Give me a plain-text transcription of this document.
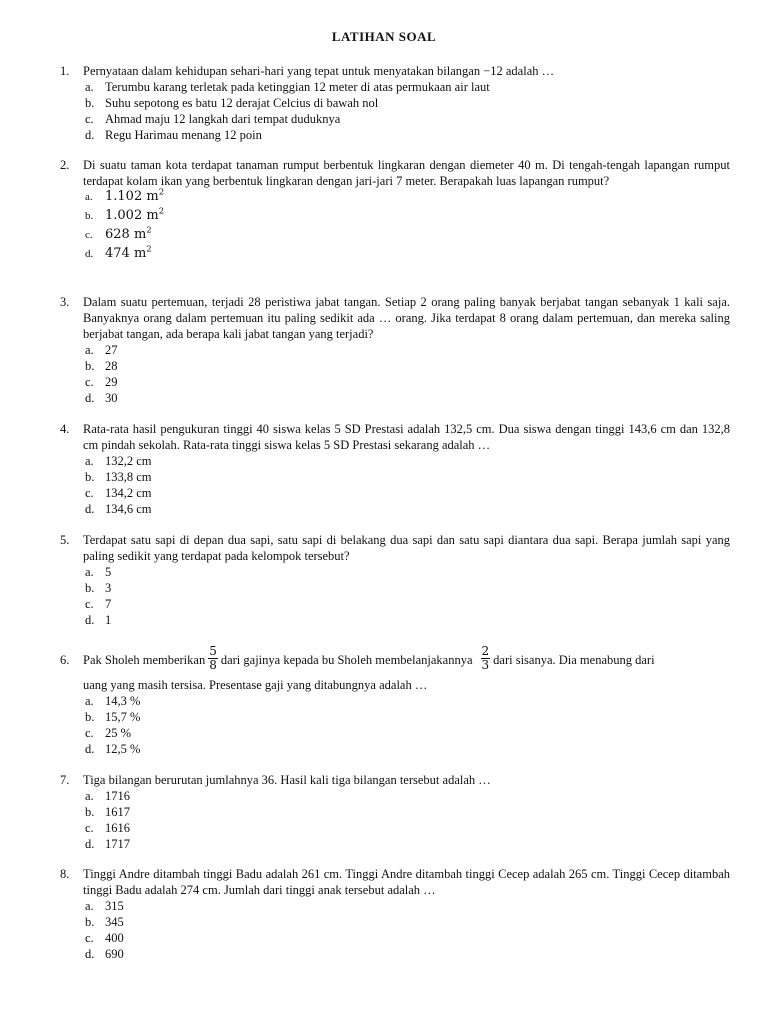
LATIHAN SOAL
1.	Pernyataan dalam kehidupan sehari-hari yang tepat untuk menyatakan bilangan −12 adalah …
a. Terumbu karang terletak pada ketinggian 12 meter di atas permukaan air laut
b. Suhu sepotong es batu 12 derajat Celcius di bawah nol
c. Ahmad maju 12 langkah dari tempat duduknya
d. Regu Harimau menang 12 poin
2.	Di suatu taman kota terdapat tanaman rumput berbentuk lingkaran dengan diemeter 40 m. Di tengah-tengah lapangan rumput terdapat kolam ikan yang berbentuk lingkaran dengan jari-jari 7 meter. Berapakah luas lapangan rumput?
a. 1.102 $m^2$
b. 1.002 $m^2$
c. 628 $m^2$
d. 474 $m^2$
3.	Dalam suatu pertemuan, terjadi 28 peristiwa jabat tangan. Setiap 2 orang paling banyak berjabat tangan sebanyak 1 kali saja. Banyaknya orang dalam pertemuan itu paling sedikit ada … orang. Jika terdapat 8 orang dalam pertemuan, dan mereka saling berjabat tangan, ada berapa kali jabat tangan yang terjadi?
a. 27
b. 28
c. 29
d. 30
4.	Rata-rata hasil pengukuran tinggi 40 siswa kelas 5 SD Prestasi adalah 132,5 cm. Dua siswa dengan tinggi 143,6 cm dan 132,8 cm pindah sekolah. Rata-rata tinggi siswa kelas 5 SD Prestasi sekarang adalah …
a. 132,2 cm
b. 133,8 cm
c. 134,2 cm
d. 134,6 cm
5.	Terdapat satu sapi di depan dua sapi, satu sapi di belakang dua sapi dan satu sapi diantara dua sapi. Berapa jumlah sapi yang paling sedikit yang terdapat pada kelompok tersebut?
a. 5
b. 3
c. 7
d. 1
6.	Pak Sholeh memberikan $\frac{5}{8}$ dari gajinya kepada bu Sholeh membelanjakannya $\frac{2}{3}$ dari sisanya. Dia menabung dari
uang yang masih tersisa. Presentase gaji yang ditabungnya adalah …
a. 14,3 %
b. 15,7 %
c. 25 %
d. 12,5 %
7.	Tiga bilangan berurutan jumlahnya 36. Hasil kali tiga bilangan tersebut adalah …
a. 1716
b. 1617
c. 1616
d. 1717
8.	Tinggi Andre ditambah tinggi Badu adalah 261 cm. Tinggi Andre ditambah tinggi Cecep adalah 265 cm. Tinggi Cecep ditambah tinggi Badu adalah 274 cm. Jumlah dari tinggi anak tersebut adalah …
a. 315
b. 345
c. 400
d. 690
